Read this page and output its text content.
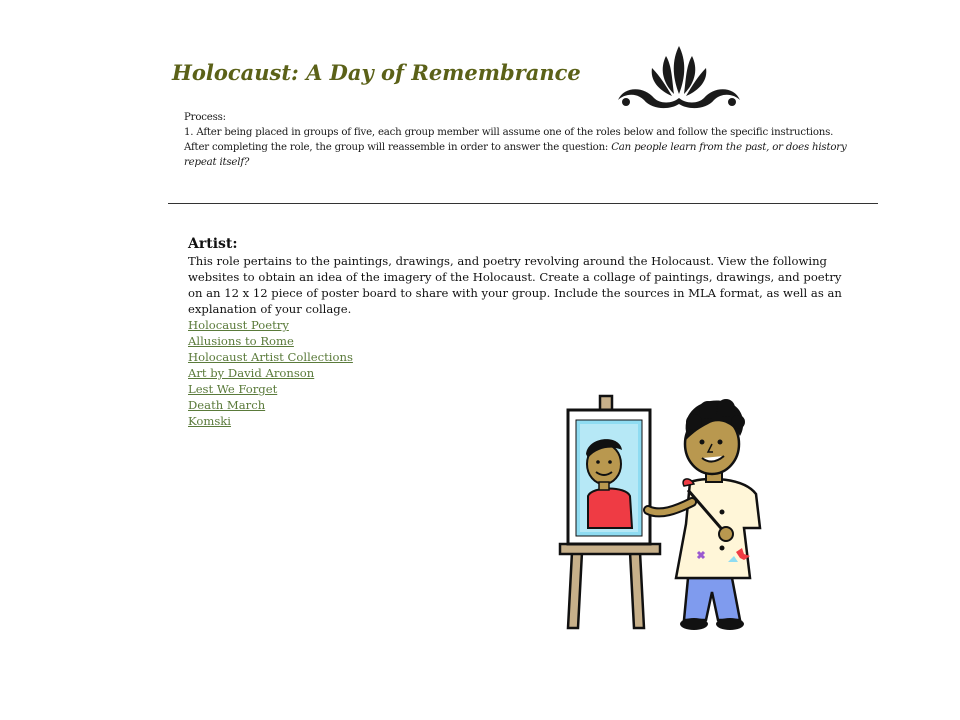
Holocaust: A Day of Remembrance
Process:
1. After being placed in groups of five, each group member will assume one of the roles below and follow the specific instructions. After completing the role, the group will reassemble in order to answer the question: Can people learn from the past, or does history repeat itself?
Artist:
This role pertains to the paintings, drawings, and poetry revolving around the Holocaust. View the following websites to obtain an idea of the imagery of the Holocaust. Create a collage of paintings, drawings, and poetry on an 12 x 12 piece of poster board to share with your group. Include the sources in MLA format, as well as an explanation of your collage.
Holocaust Poetry
Allusions to Rome
Holocaust Artist Collections
Art by David Aronson
Lest We Forget
Death March
Komski
